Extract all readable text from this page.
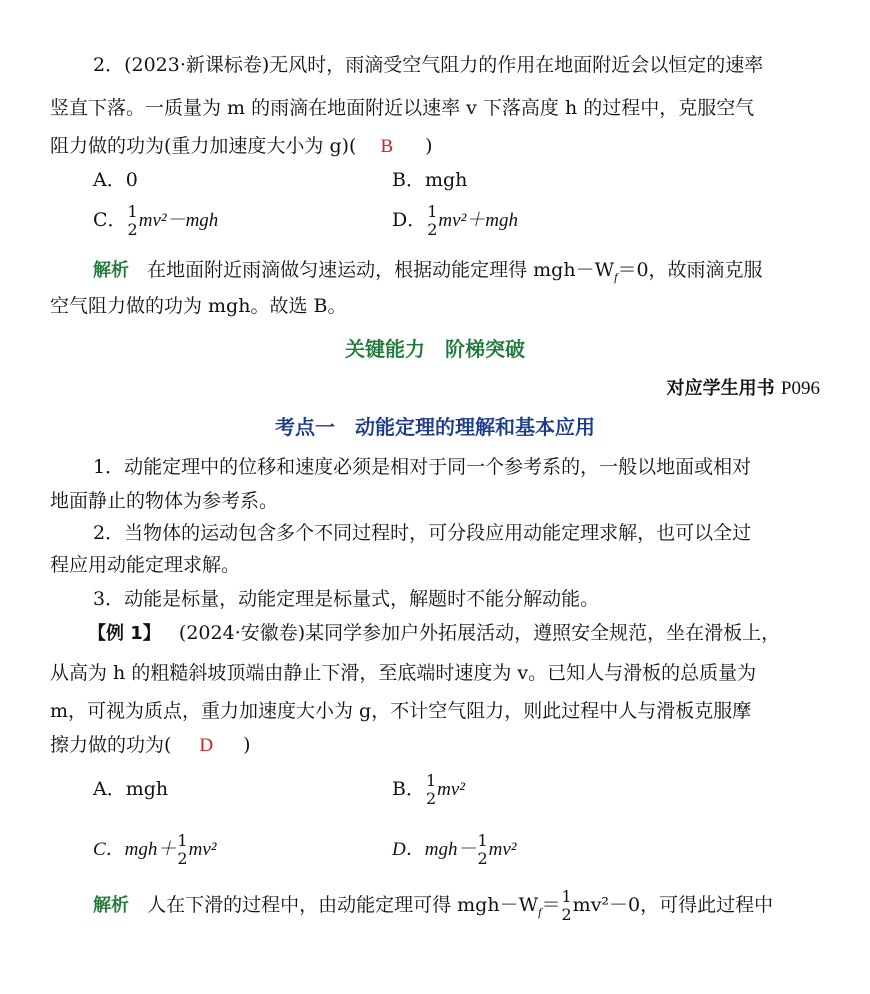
2．(2023·新课标卷)无风时，雨滴受空气阻力的作用在地面附近会以恒定的速率
竖直下落。一质量为 m 的雨滴在地面附近以速率 v 下落高度 h 的过程中，克服空气
阻力做的功为(重力加速度大小为 g)( B )
A．0	B．mgh
C． 1
2 mv²－mgh	D． 1
2 mv²＋mgh
解析 在地面附近雨滴做匀速运动，根据动能定理得 $mgh-W_f=0$，故雨滴克服
空气阻力做的功为 mgh。故选 B。
关键能力　阶梯突破
对应学生用书 P096
考点一　动能定理的理解和基本应用
1．动能定理中的位移和速度必须是相对于同一个参考系的，一般以地面或相对
地面静止的物体为参考系。
2．当物体的运动包含多个不同过程时，可分段应用动能定理求解，也可以全过
程应用动能定理求解。
3．动能是标量，动能定理是标量式，解题时不能分解动能。
【例 1】 (2024·安徽卷)某同学参加户外拓展活动，遵照安全规范，坐在滑板上，
从高为 h 的粗糙斜坡顶端由静止下滑，至底端时速度为 v。已知人与滑板的总质量为
m，可视为质点，重力加速度大小为 g，不计空气阻力，则此过程中人与滑板克服摩
擦力做的功为( D )
A．mgh	B． 1
2 mv²
C．mgh＋ 1
2 mv²	D．mgh－ 1
2 mv²
解析 人在下滑的过程中，由动能定理可得 $mgh-W_f= 1$
2 mv²－0，可得此过程中
